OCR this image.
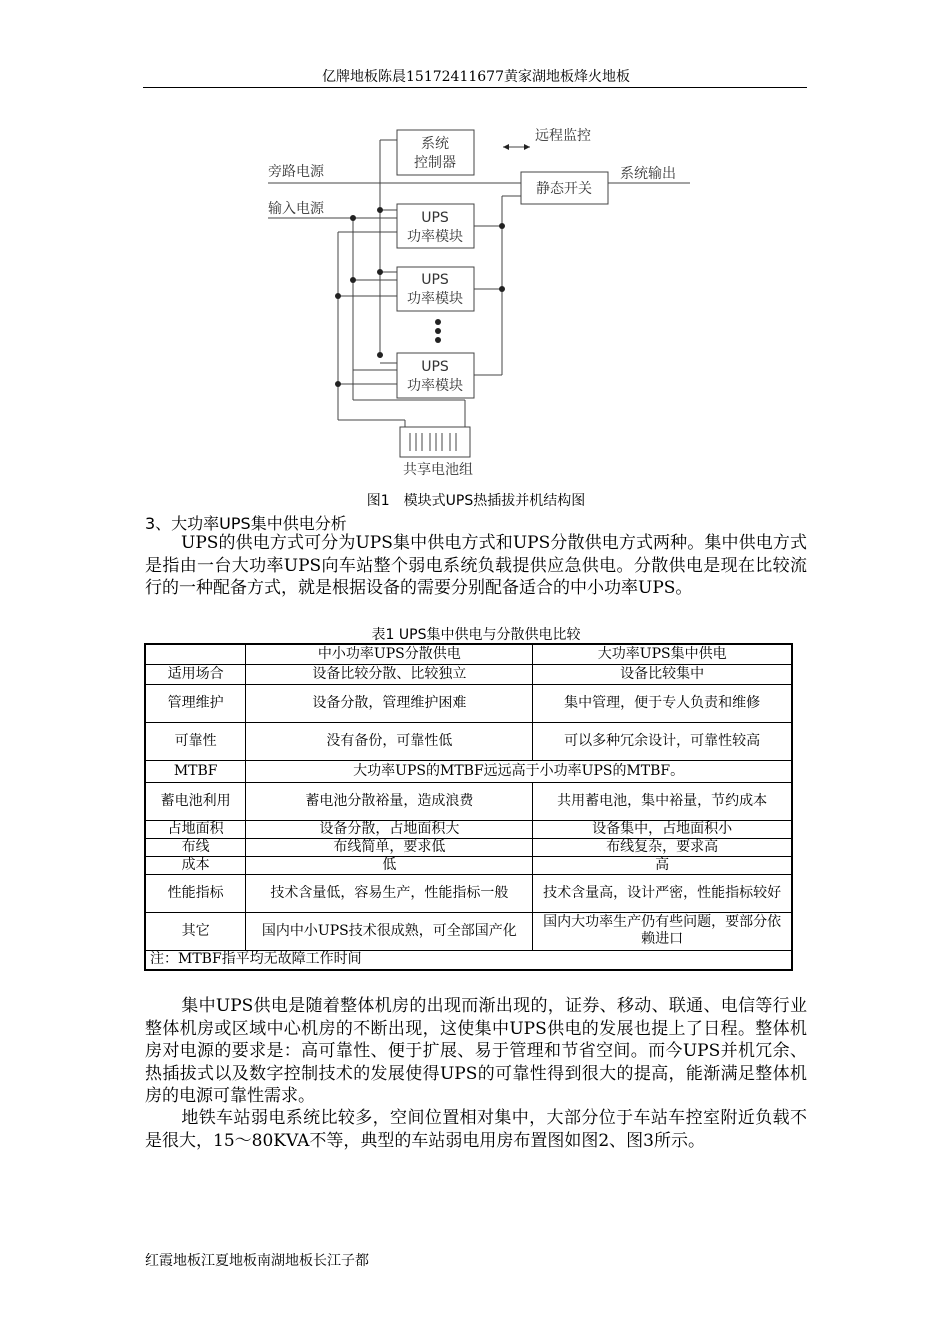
亿牌地板陈晨15172411677黄家湖地板烽火地板
旁路电源
输入电源
系统
控制器
远程监控
静态开关
系统输出
UPS
功率模块
UPS
功率模块
UPS
功率模块
共享电池组
图1　模块式UPS热插拔并机结构图
3、大功率UPS集中供电分析
UPS的供电方式可分为UPS集中供电方式和UPS分散供电方式两种。集中供电方式是指由一台大功率UPS向车站整个弱电系统负载提供应急供电。分散供电是现在比较流行的一种配备方式，就是根据设备的需要分别配备适合的中小功率UPS。
表1 UPS集中供电与分散供电比较
	中小功率UPS分散供电	大功率UPS集中供电
适用场合	设备比较分散、比较独立	设备比较集中
管理维护	设备分散，管理维护困难	集中管理，便于专人负责和维修
可靠性	没有备份，可靠性低	可以多种冗余设计，可靠性较高
MTBF	大功率UPS的MTBF远远高于小功率UPS的MTBF。	
蓄电池利用	蓄电池分散裕量，造成浪费	共用蓄电池，集中裕量，节约成本
占地面积	设备分散，占地面积大	设备集中，占地面积小
布线	布线简单，要求低	布线复杂，要求高
成本	低	高
性能指标	技术含量低，容易生产，性能指标一般	技术含量高，设计严密，性能指标较好
其它	国内中小UPS技术很成熟，可全部国产化	国内大功率生产仍有些问题，要部分依赖进口
注：MTBF指平均无故障工作时间		
集中UPS供电是随着整体机房的出现而渐出现的，证券、移动、联通、电信等行业整体机房或区域中心机房的不断出现，这使集中UPS供电的发展也提上了日程。整体机房对电源的要求是：高可靠性、便于扩展、易于管理和节省空间。而今UPS并机冗余、热插拔式以及数字控制技术的发展使得UPS的可靠性得到很大的提高，能渐满足整体机房的电源可靠性需求。
地铁车站弱电系统比较多，空间位置相对集中，大部分位于车站车控室附近负载不是很大，15～80KVA不等，典型的车站弱电用房布置图如图2、图3所示。
红霞地板江夏地板南湖地板长江子都
